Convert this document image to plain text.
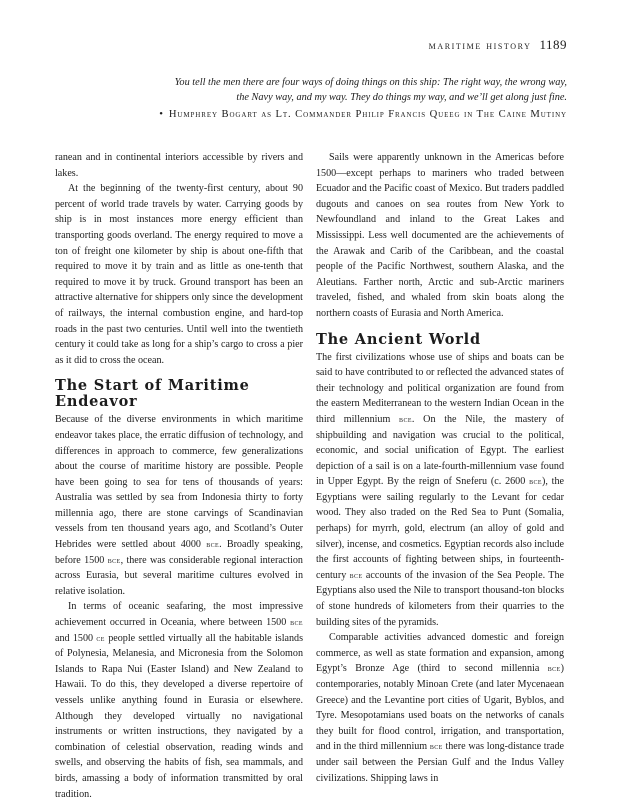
maritime history 1189
You tell the men there are four ways of doing things on this ship: The right way, the wrong way,
the Navy way, and my way. They do things my way, and we’ll get along just fine.
• Humphrey Bogart as Lt. Commander Philip Francis Queeg in The Caine Mutiny

ranean and in continental interiors accessible by rivers and lakes.

At the beginning of the twenty-first century, about 90 percent of world trade travels by water. Carrying goods by ship is in most instances more energy efficient than transporting goods overland. The energy required to move a ton of freight one kilometer by ship is about one-fifth that required to move it by train and as little as one-tenth that required to move it by truck. Ground transport has been an attractive alternative for shippers only since the development of railways, the internal combustion engine, and hard-top roads in the past two centuries. Until well into the twentieth century it could take as long for a ship’s cargo to cross a pier as it did to cross the ocean.

The Start of Maritime Endeavor

Because of the diverse environments in which maritime endeavor takes place, the erratic diffusion of technology, and differences in approach to commerce, few generalizations about the course of maritime history are possible. People have been going to sea for tens of thousands of years: Australia was settled by sea from Indonesia thirty to forty millennia ago, there are stone carvings of Scandinavian vessels from ten thousand years ago, and Scotland’s Outer Hebrides were settled about 4000 bce. Broadly speaking, before 1500 bce, there was considerable regional interaction across Eurasia, but several maritime cultures evolved in relative isolation.

In terms of oceanic seafaring, the most impressive achievement occurred in Oceania, where between 1500 bce and 1500 ce people settled virtually all the habitable islands of Polynesia, Melanesia, and Micronesia from the Solomon Islands to Rapa Nui (Easter Island) and New Zealand to Hawaii. To do this, they developed a diverse repertoire of vessels unlike anything found in Eurasia or elsewhere. Although they developed virtually no navigational instruments or written instructions, they navigated by a combination of celestial observation, reading winds and swells, and observing the habits of fish, sea mammals, and birds, amassing a body of information transmitted by oral tradition.

Sails were apparently unknown in the Americas before 1500—except perhaps to mariners who traded between Ecuador and the Pacific coast of Mexico. But traders paddled dugouts and canoes on sea routes from New York to Newfoundland and inland to the Great Lakes and Mississippi. Less well documented are the achievements of the Arawak and Carib of the Caribbean, and the coastal people of the Pacific Northwest, southern Alaska, and the Aleutians. Farther north, Arctic and sub-Arctic mariners traveled, fished, and whaled from skin boats along the northern coasts of Eurasia and North America.

The Ancient World

The first civilizations whose use of ships and boats can be said to have contributed to or reflected the advanced states of their technology and political organization are found from the eastern Mediterranean to the western Indian Ocean in the third millennium bce. On the Nile, the mastery of shipbuilding and navigation was crucial to the political, economic, and social unification of Egypt. The earliest depiction of a sail is on a late-fourth-millennium vase found in Upper Egypt. By the reign of Sneferu (c. 2600 bce), the Egyptians were sailing regularly to the Levant for cedar wood. They also traded on the Red Sea to Punt (Somalia, perhaps) for myrrh, gold, electrum (an alloy of gold and silver), incense, and cosmetics. Egyptian records also include the first accounts of fighting between ships, in fourteenth-century bce accounts of the invasion of the Sea People. The Egyptians also used the Nile to transport thousand-ton blocks of stone hundreds of kilometers from their quarries to the building sites of the pyramids.

Comparable activities advanced domestic and foreign commerce, as well as state formation and expansion, among Egypt’s Bronze Age (third to second millennia bce) contemporaries, notably Minoan Crete (and later Mycenaean Greece) and the Levantine port cities of Ugarit, Byblos, and Tyre. Mesopotamians used boats on the networks of canals they built for flood control, irrigation, and transportation, and in the third millennium bce there was long-distance trade under sail between the Persian Gulf and the Indus Valley civilizations. Shipping laws in
